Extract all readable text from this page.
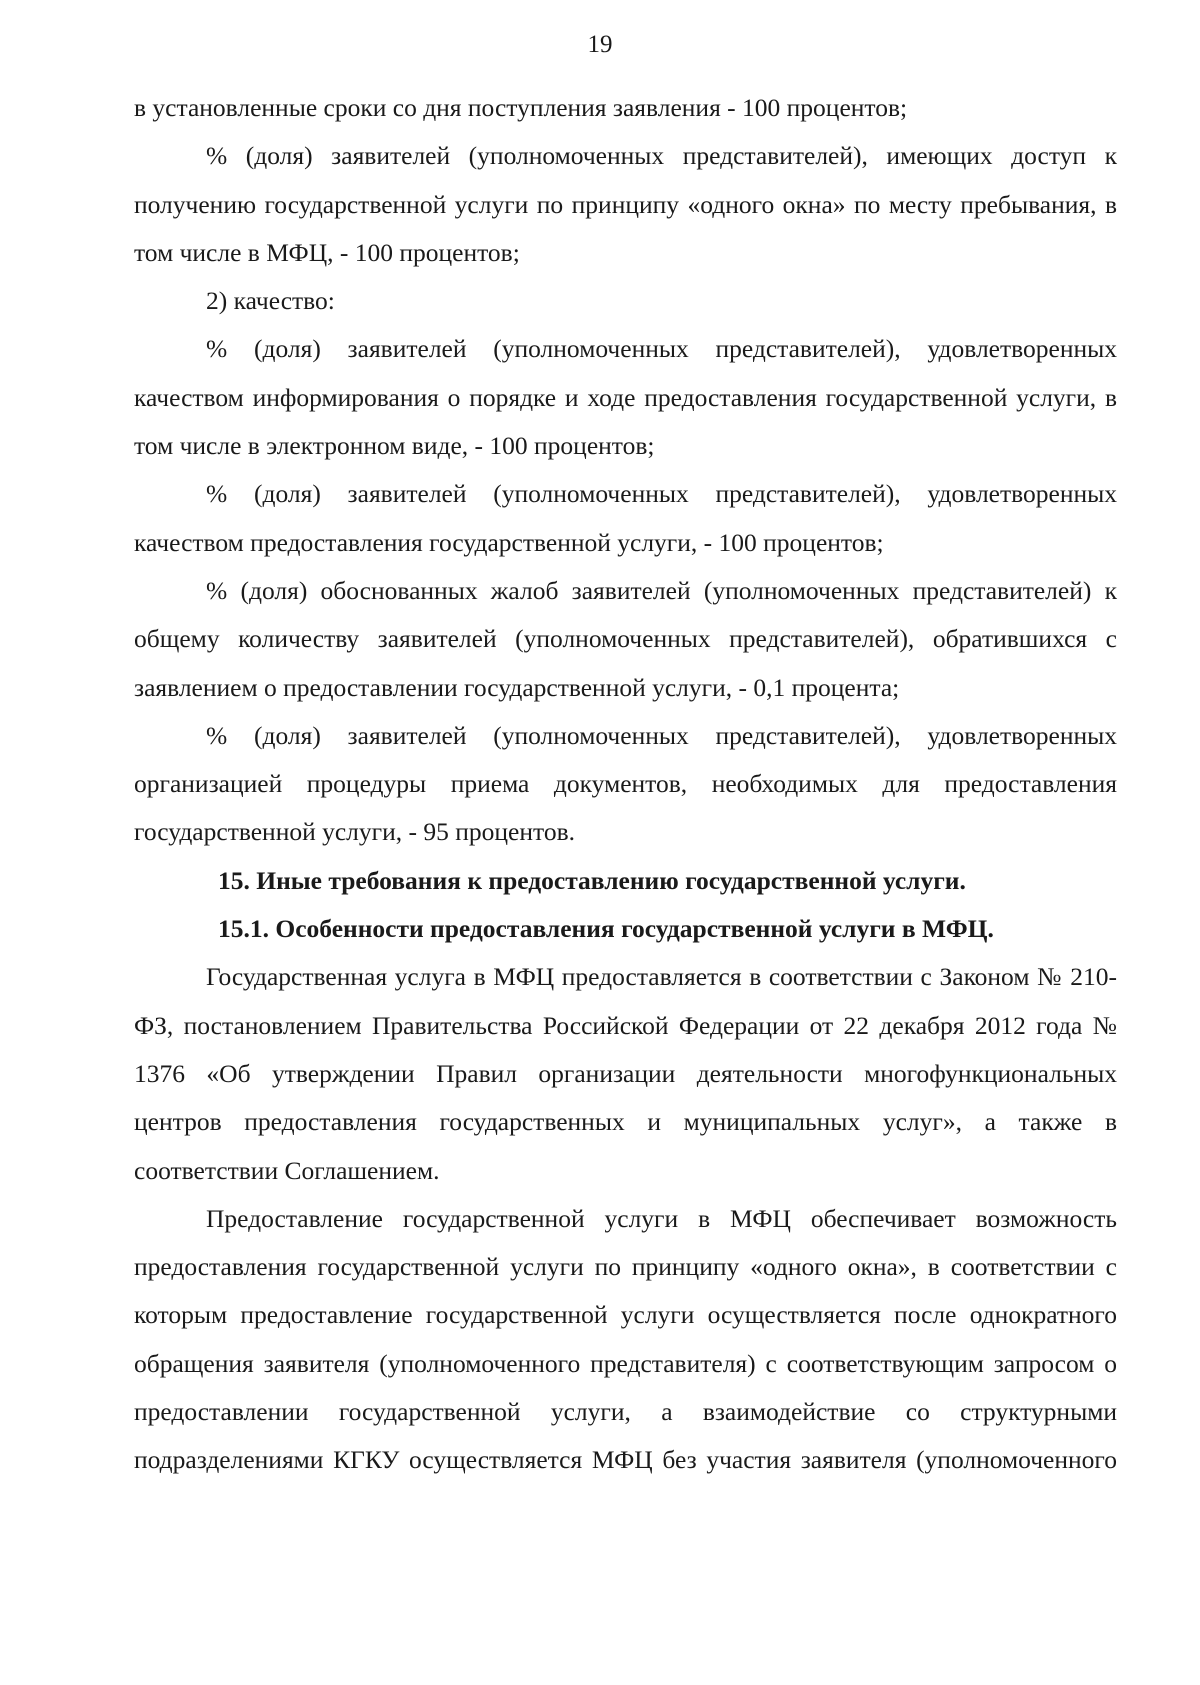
19

в установленные сроки со дня поступления заявления - 100 процентов;

% (доля) заявителей (уполномоченных представителей), имеющих доступ к получению государственной услуги по принципу «одного окна» по месту пребывания, в том числе в МФЦ, - 100 процентов;

2) качество:

% (доля) заявителей (уполномоченных представителей), удовлетворенных качеством информирования о порядке и ходе предоставления государственной услуги, в том числе в электронном виде, - 100 процентов;

% (доля) заявителей (уполномоченных представителей), удовлетворенных качеством предоставления государственной услуги, - 100 процентов;

% (доля) обоснованных жалоб заявителей (уполномоченных представителей) к общему количеству заявителей (уполномоченных представителей), обратившихся с заявлением о предоставлении государственной услуги, - 0,1 процента;

% (доля) заявителей (уполномоченных представителей), удовлетворенных организацией процедуры приема документов, необходимых для предоставления государственной услуги, - 95 процентов.

15. Иные требования к предоставлению государственной услуги.

15.1. Особенности предоставления государственной услуги в МФЦ.

Государственная услуга в МФЦ предоставляется в соответствии с Законом № 210-ФЗ, постановлением Правительства Российской Федерации от 22 декабря 2012 года № 1376 «Об утверждении Правил организации деятельности многофункциональных центров предоставления государственных и муниципальных услуг», а также в соответствии Соглашением.

Предоставление государственной услуги в МФЦ обеспечивает возможность предоставления государственной услуги по принципу «одного окна», в соответствии с которым предоставление государственной услуги осуществляется после однократного обращения заявителя (уполномоченного представителя) с соответствующим запросом о предоставлении государственной услуги, а взаимодействие со структурными подразделениями КГКУ осуществляется МФЦ без участия заявителя (уполномоченного
